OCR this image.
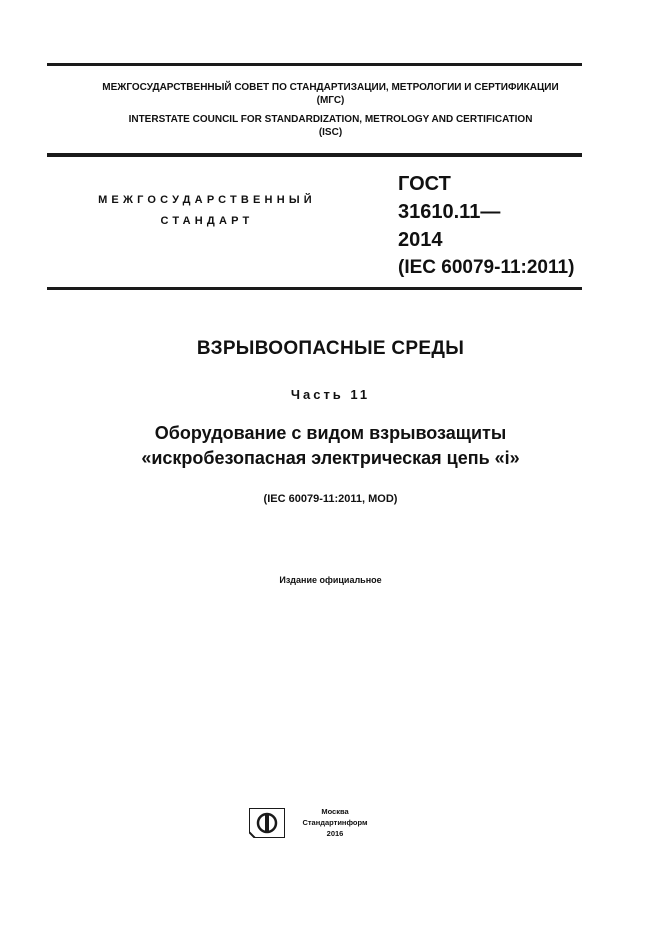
МЕЖГОСУДАРСТВЕННЫЙ СОВЕТ ПО СТАНДАРТИЗАЦИИ, МЕТРОЛОГИИ И СЕРТИФИКАЦИИ
(МГС)
INTERSTATE COUNCIL FOR STANDARDIZATION, METROLOGY AND CERTIFICATION
(ISC)
МЕЖГОСУДАРСТВЕННЫЙ
СТАНДАРТ
ГОСТ
31610.11—
2014
(IEC 60079-11:2011)
ВЗРЫВООПАСНЫЕ СРЕДЫ
Часть 11
Оборудование с видом взрывозащиты
«искробезопасная электрическая цепь «i»
(IEC 60079-11:2011, MOD)
Издание официальное
Москва
Стандартинформ
2016
